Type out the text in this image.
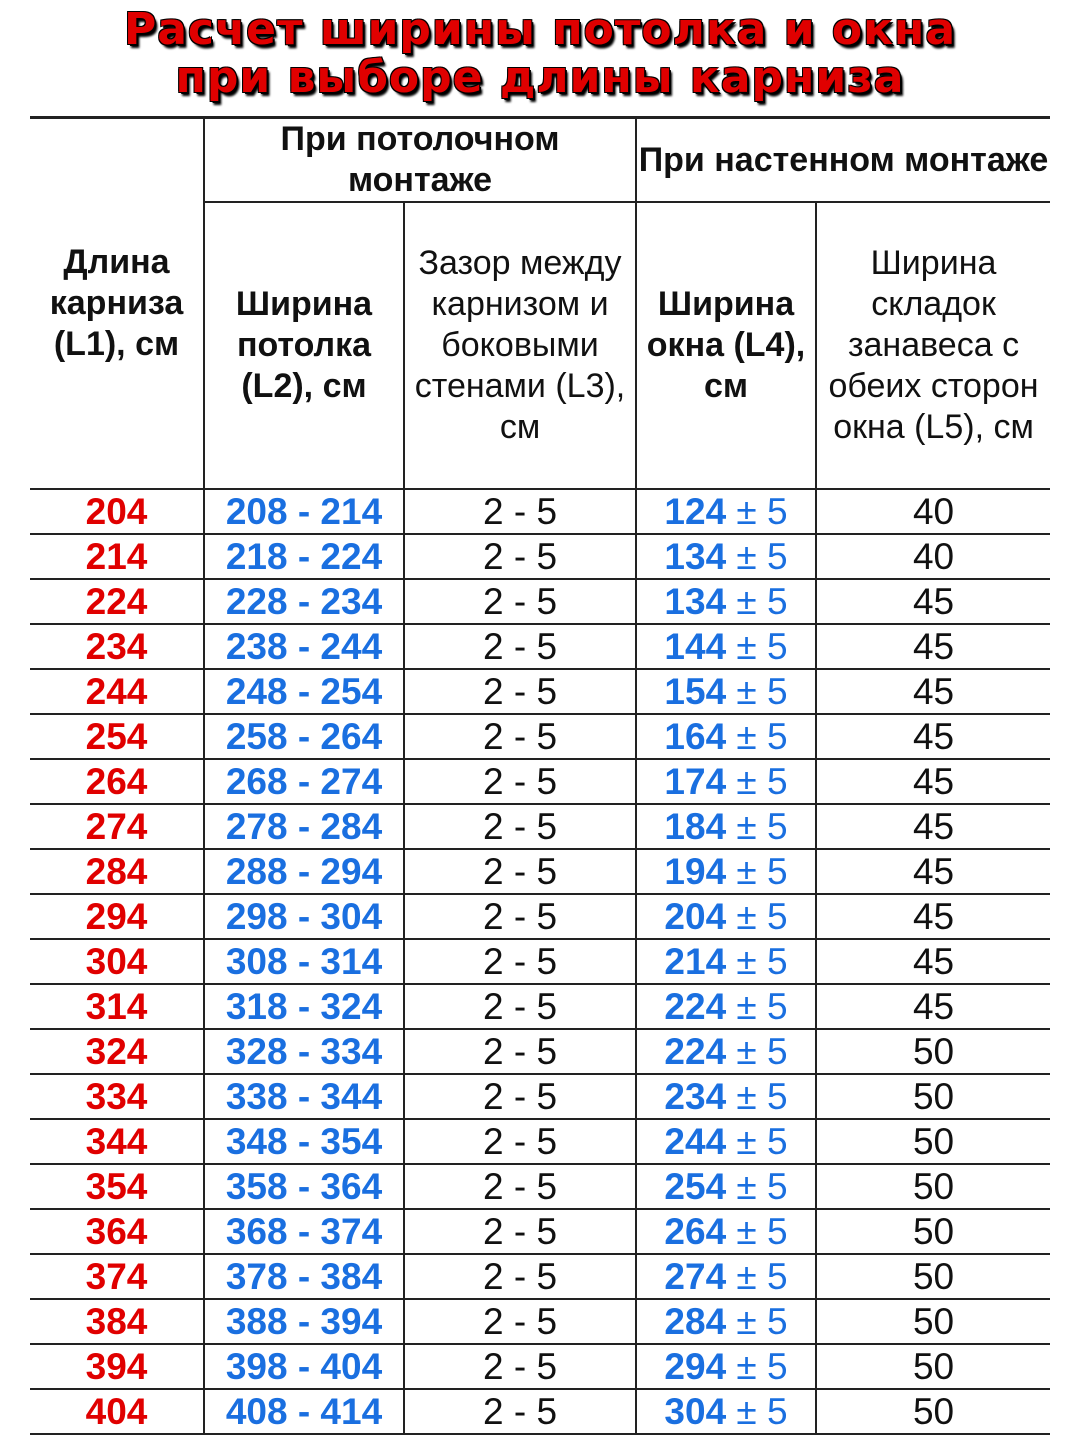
Расчет ширины потолка и окна
при выборе длины карниза
Длина карниза (L1), см	При потолочном монтаже		При настенном монтаже	
	Ширина потолка (L2), см	Зазор между карнизом и боковыми стенами (L3), см	Ширина окна (L4), см	Ширина складок занавеса с обеих сторон окна (L5), см
204	208 - 214	2 - 5	124 ± 5	40
214	218 - 224	2 - 5	134 ± 5	40
224	228 - 234	2 - 5	134 ± 5	45
234	238 - 244	2 - 5	144 ± 5	45
244	248 - 254	2 - 5	154 ± 5	45
254	258 - 264	2 - 5	164 ± 5	45
264	268 - 274	2 - 5	174 ± 5	45
274	278 - 284	2 - 5	184 ± 5	45
284	288 - 294	2 - 5	194 ± 5	45
294	298 - 304	2 - 5	204 ± 5	45
304	308 - 314	2 - 5	214 ± 5	45
314	318 - 324	2 - 5	224 ± 5	45
324	328 - 334	2 - 5	224 ± 5	50
334	338 - 344	2 - 5	234 ± 5	50
344	348 - 354	2 - 5	244 ± 5	50
354	358 - 364	2 - 5	254 ± 5	50
364	368 - 374	2 - 5	264 ± 5	50
374	378 - 384	2 - 5	274 ± 5	50
384	388 - 394	2 - 5	284 ± 5	50
394	398 - 404	2 - 5	294 ± 5	50
404	408 - 414	2 - 5	304 ± 5	50
